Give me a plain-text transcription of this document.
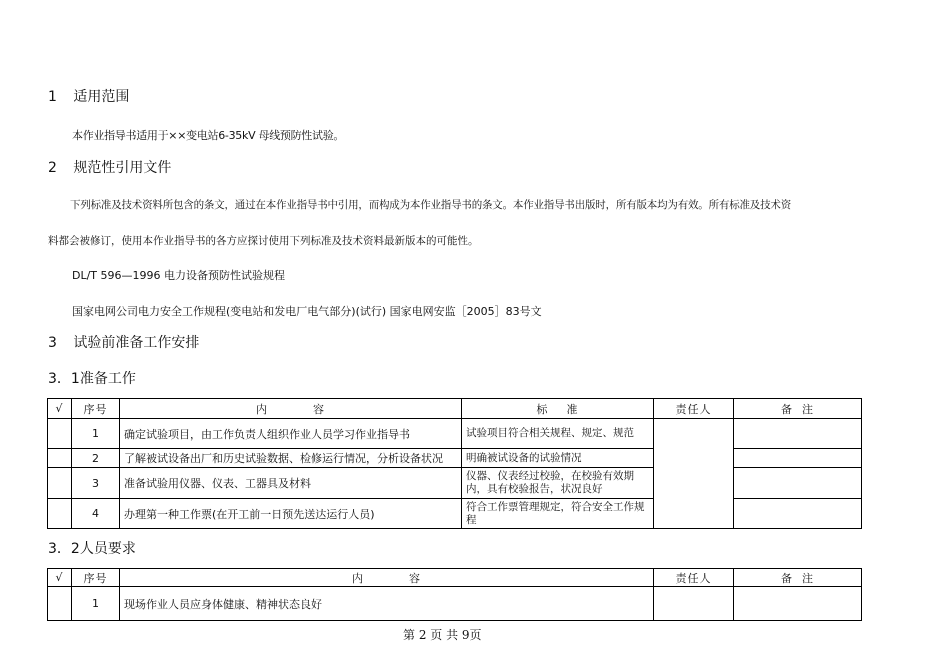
1 适用范围
本作业指导书适用于××变电站6-35kV 母线预防性试验。
2 规范性引用文件
下列标准及技术资料所包含的条文，通过在本作业指导书中引用，而构成为本作业指导书的条文。本作业指导书出版时，所有版本均为有效。所有标准及技术资
料都会被修订，使用本作业指导书的各方应探讨使用下列标准及技术资料最新版本的可能性。
DL/T 596—1996 电力设备预防性试验规程
国家电网公司电力安全工作规程(变电站和发电厂电气部分)(试行) 国家电网安监［2005］83号文
3 试验前准备工作安排
3．1准备工作
√	序号	内          容	标    准	责任人	备  注
	1	确定试验项目，由工作负责人组织作业人员学习作业指导书	试验项目符合相关规程、规定、规范		
	2	了解被试设备出厂和历史试验数据、检修运行情况，分析设备状况	明确被试设备的试验情况		
	3	准备试验用仪器、仪表、工器具及材料	仪器、仪表经过校验，在校验有效期内，具有校验报告，状况良好		
	4	办理第一种工作票(在开工前一日预先送达运行人员)	符合工作票管理规定，符合安全工作规程		
3．2人员要求
√	序号	内          容	责任人	备  注
	1	现场作业人员应身体健康、精神状态良好		
第 2 页 共 9页
